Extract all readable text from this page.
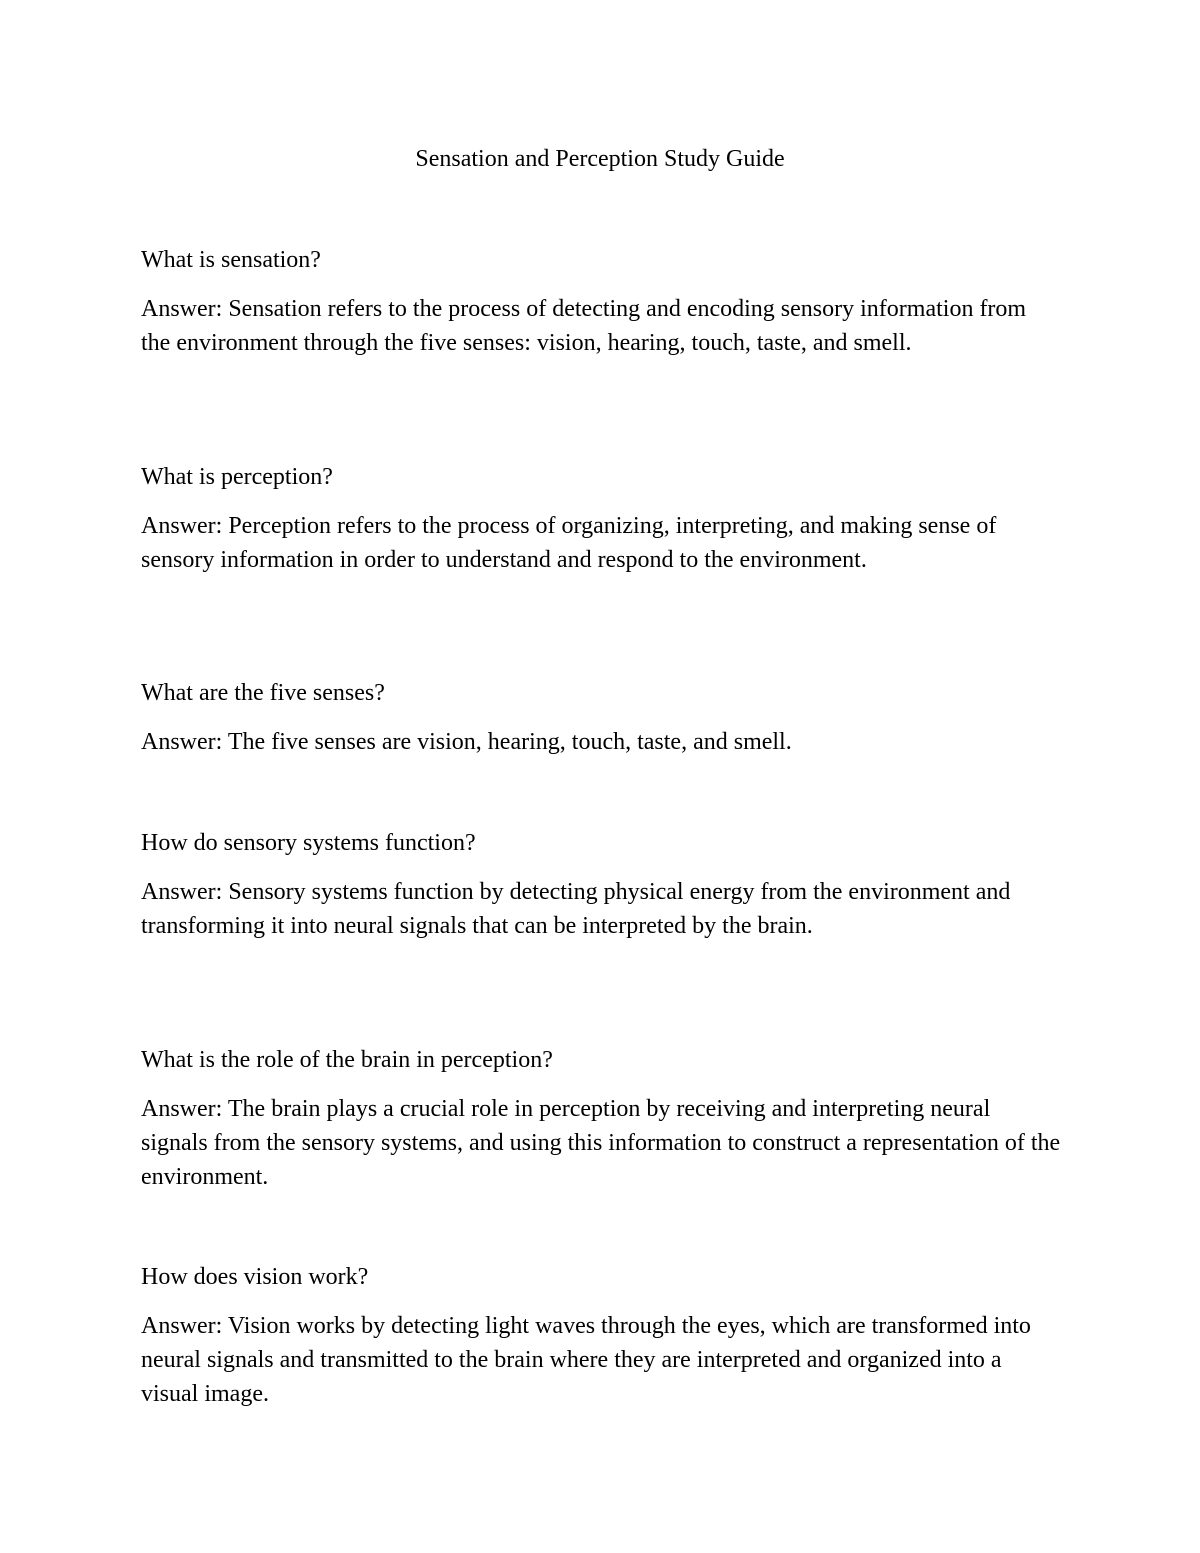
Sensation and Perception Study Guide

What is sensation?

Answer: Sensation refers to the process of detecting and encoding sensory information from the environment through the five senses: vision, hearing, touch, taste, and smell.

What is perception?

Answer: Perception refers to the process of organizing, interpreting, and making sense of sensory information in order to understand and respond to the environment.

What are the five senses?

Answer: The five senses are vision, hearing, touch, taste, and smell.

How do sensory systems function?

Answer: Sensory systems function by detecting physical energy from the environment and transforming it into neural signals that can be interpreted by the brain.

What is the role of the brain in perception?

Answer: The brain plays a crucial role in perception by receiving and interpreting neural signals from the sensory systems, and using this information to construct a representation of the environment.

How does vision work?

Answer: Vision works by detecting light waves through the eyes, which are transformed into neural signals and transmitted to the brain where they are interpreted and organized into a visual image.
